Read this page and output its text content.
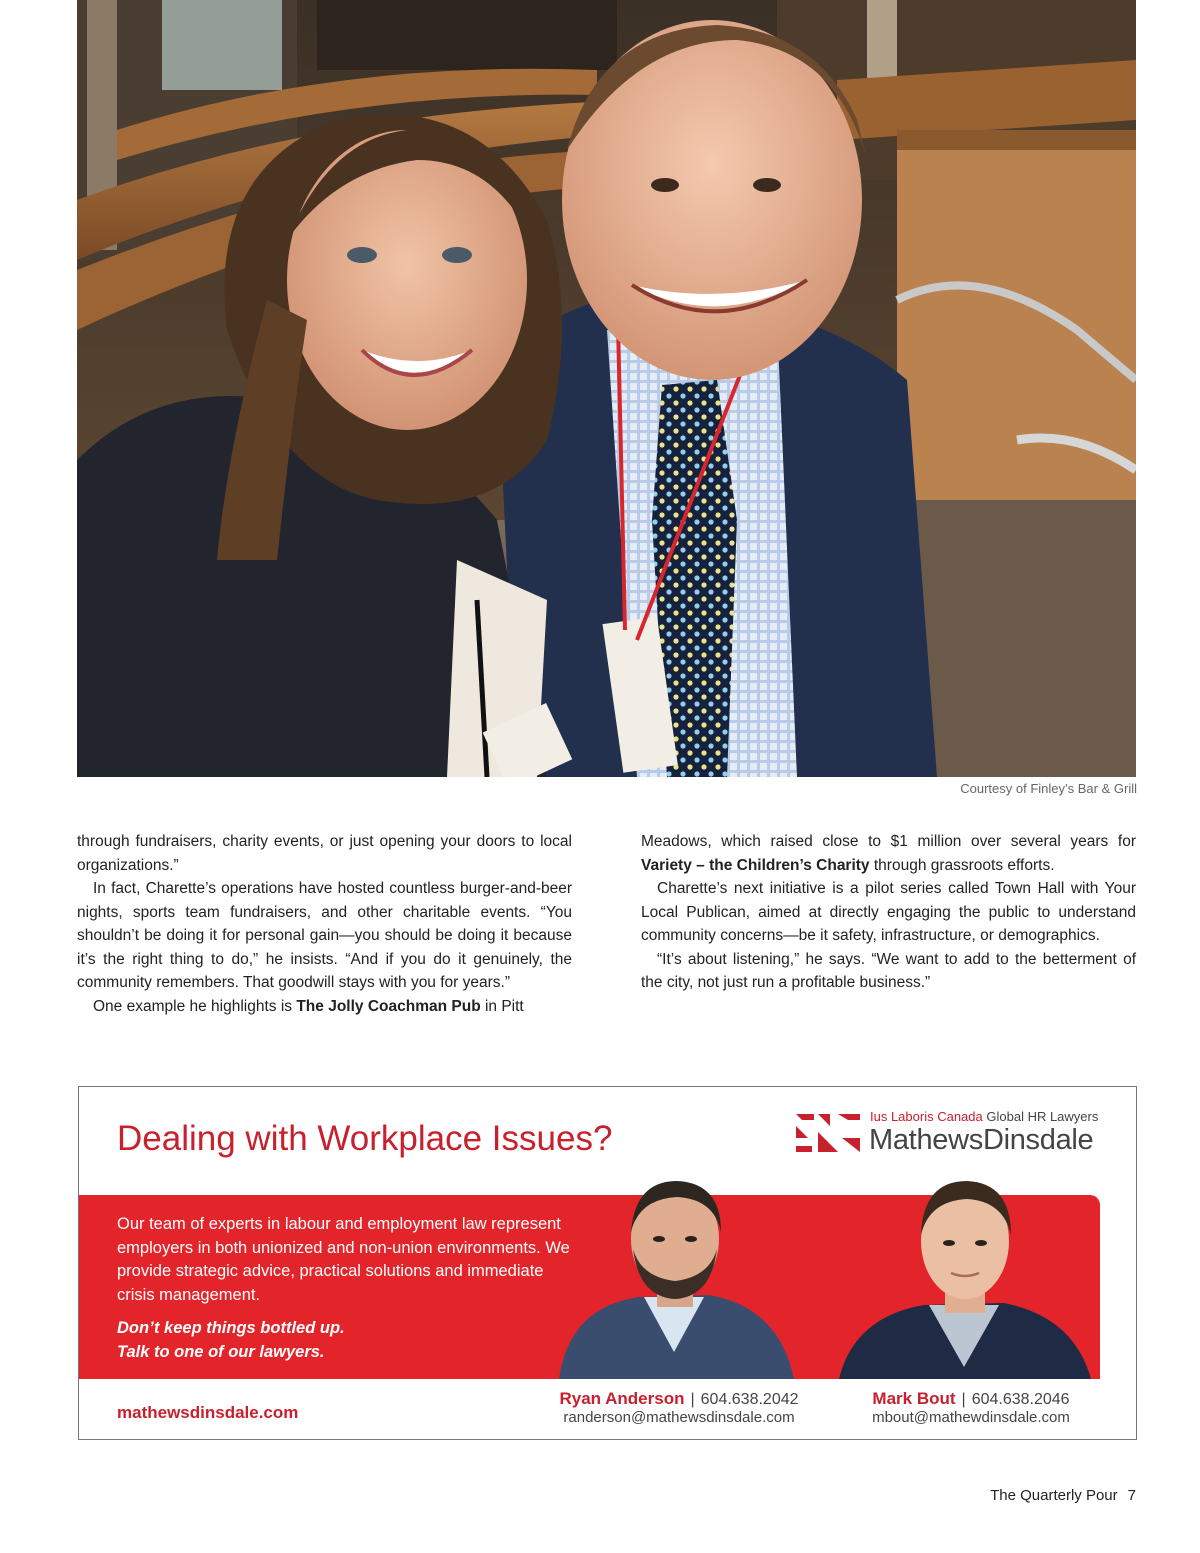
Courtesy of Finley’s Bar & Grill

through fundraisers, charity events, or just opening your doors to local organizations.”

In fact, Charette’s operations have hosted countless burger-and-beer nights, sports team fundraisers, and other charitable events. “You shouldn’t be doing it for personal gain—you should be doing it because it’s the right thing to do,” he insists. “And if you do it genuinely, the community remembers. That goodwill stays with you for years.”

One example he highlights is The Jolly Coachman Pub in Pitt

Meadows, which raised close to $1 million over several years for Variety – the Children’s Charity through grassroots efforts.

Charette’s next initiative is a pilot series called Town Hall with Your Local Publican, aimed at directly engaging the public to understand community concerns—be it safety, infrastructure, or demographics.

“It’s about listening,” he says. “We want to add to the betterment of the city, not just run a profitable business.”

Dealing with Workplace Issues?
Ius Laboris Canada Global HR Lawyers
MathewsDinsdale
Our team of experts in labour and employment law represent employers in both unionized and non-union environments. We provide strategic advice, practical solutions and immediate crisis management.

Don’t keep things bottled up.

Talk to one of our lawyers.

mathewsdinsdale.com
Ryan Anderson | 604.638.2042
randerson@mathewsdinsdale.com
Mark Bout | 604.638.2046
mbout@mathewdinsdale.com
The Quarterly Pour 7
